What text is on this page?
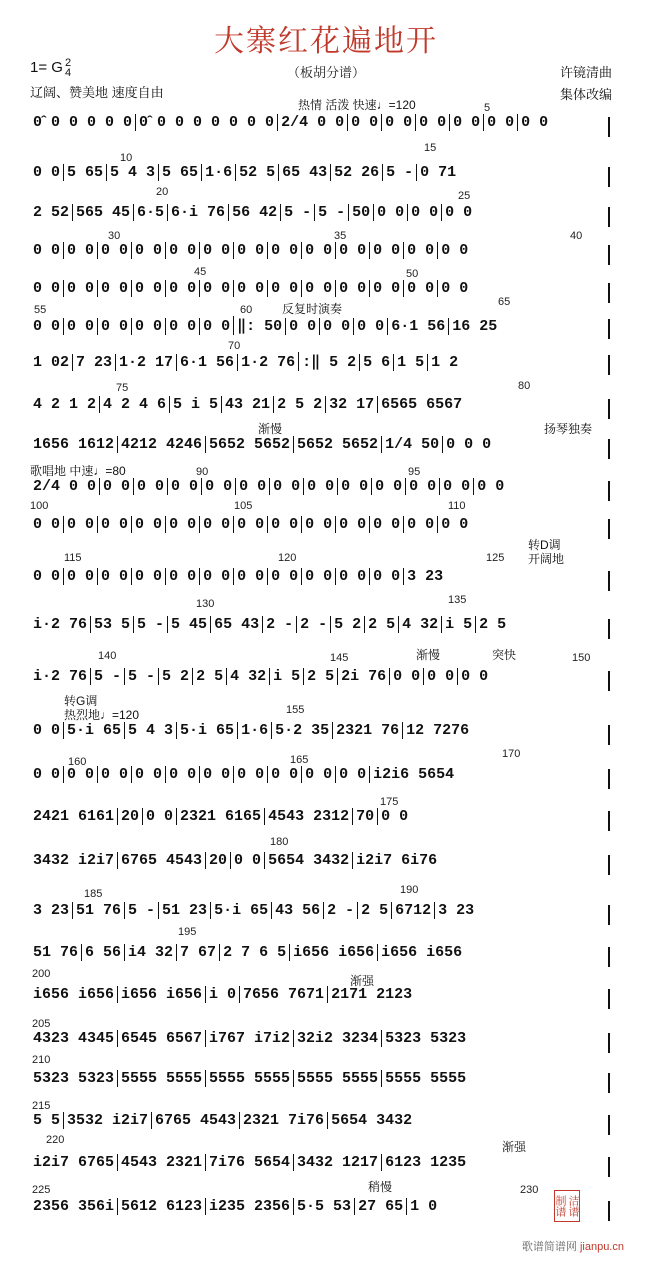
大寨红花遍地开
（板胡分谱）
1= G 2
4
辽阔、赞美地 速度自由
许镜清曲
集体改编
热情 活泼 快速♩=120	5
10
15
20	25
30	35	40
45	50
55	60
65
70
75	80
90	95
100	105	110
115	120	125
130	135
140	145	150
155
160	165	170
175
180
185	190
195
200
205
210
215
220
225	230
反复时演奏
渐慢	扬琴独奏
歌唱地 中速♩=80
转D调
开阔地
渐慢	突快
转G调
热烈地♩=120
渐强
渐强
稍慢
0̂ 0 0 0 0 0 0̂ 0 0 0 0 0 0 0 2/4 0 0 0 0 0 0 0 0 0 0 0 0 0 0
0 0 5 65 5 4 3 5 65 1·6 52 5 65 43 52 26 5 - 0 71
2 52 565 45 6·5 6·i 76 56 42 5 - 5 - 50 0 0 0 0 0 0
0 0 0 0 0 0 0 0 0 0 0 0 0 0 0 0 0 0 0 0 0 0 0 0 0 0
0 0 0 0 0 0 0 0 0 0 0 0 0 0 0 0 0 0 0 0 0 0 0 0 0 0
0 0 0 0 0 0 0 0 0 0 0 0 ‖: 50 0 0 0 0 0 0 6·1 56 16 25
1 02 7 23 1·2 17 6·1 56 1·2 76 :‖ 5 2 5 6 1 5 1 2
4 2 1 2 4 2 4 6 5 i 5 43 21 2 5 2 32 17 6565 6567
1656 1612 4212 4246 5652 5652 5652 5652 1/4 50 0 0 0
2/4 0 0 0 0 0 0 0 0 0 0 0 0 0 0 0 0 0 0 0 0 0 0 0 0 0 0
0 0 0 0 0 0 0 0 0 0 0 0 0 0 0 0 0 0 0 0 0 0 0 0 0 0
0 0 0 0 0 0 0 0 0 0 0 0 0 0 0 0 0 0 0 0 0 0 3 23
i·2 76 53 5 5 - 5 45 65 43 2 - 2 - 5 2 2 5 4 32 i 5 2 5
i·2 76 5 - 5 - 5 2 2 5 4 32 i 5 2 5 2i 76 0 0 0 0 0 0
0 0 5·i 65 5 4 3 5·i 65 1·6 5·2 35 2321 76 12 7276
0 0 0 0 0 0 0 0 0 0 0 0 0 0 0 0 0 0 0 0 i2i6 5654
2421 6161 20 0 0 2321 6165 4543 2312 70 0 0
3432 i2i7 6765 4543 20 0 0 5654 3432 i2i7 6i76
3 23 51 76 5 - 51 23 5·i 65 43 56 2 - 2 5 6712 3 23
51 76 6 56 i4 32 7 67 2 7 6 5 i656 i656 i656 i656
i656 i656 i656 i656 i 0 7656 7671 2171 2123
4323 4345 6545 6567 i767 i7i2 32i2 3234 5323 5323
5323 5323 5555 5555 5555 5555 5555 5555 5555 5555
5 5 3532 i2i7 6765 4543 2321 7i76 5654 3432
i2i7 6765 4543 2321 7i76 5654 3432 1217 6123 1235
2356 356i 5612 6123 i235 2356 5·5 53 27 65 1 0	洁谱制谱
歌谱简谱网 jianpu.cn
